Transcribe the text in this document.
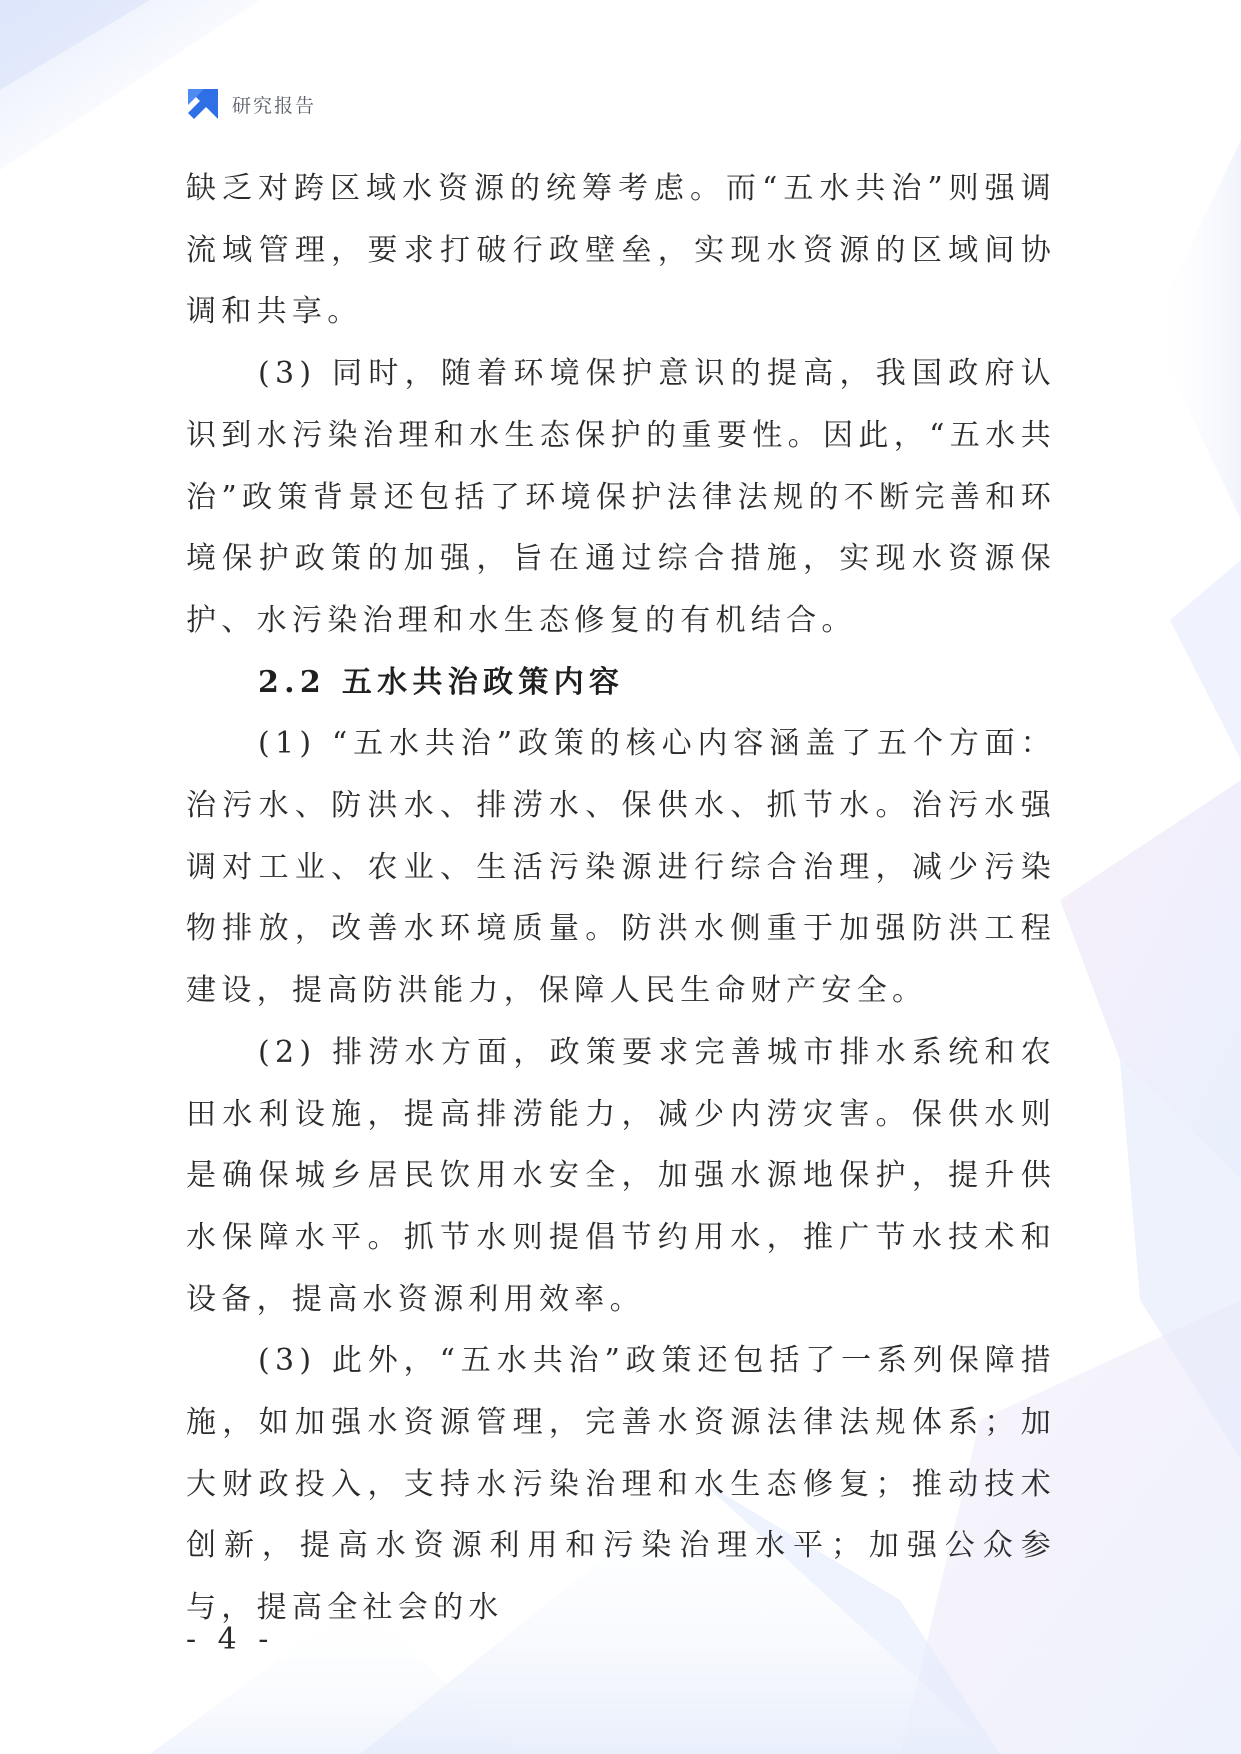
研究报告

缺乏对跨区域水资源的统筹考虑。而“五水共治”则强调流域管理，要求打破行政壁垒，实现水资源的区域间协调和共享。

(3) 同时，随着环境保护意识的提高，我国政府认识到水污染治理和水生态保护的重要性。因此，“五水共治”政策背景还包括了环境保护法律法规的不断完善和环境保护政策的加强，旨在通过综合措施，实现水资源保护、水污染治理和水生态修复的有机结合。

2.2 五水共治政策内容

(1) “五水共治”政策的核心内容涵盖了五个方面：治污水、防洪水、排涝水、保供水、抓节水。治污水强调对工业、农业、生活污染源进行综合治理，减少污染物排放，改善水环境质量。防洪水侧重于加强防洪工程建设，提高防洪能力，保障人民生命财产安全。

(2) 排涝水方面，政策要求完善城市排水系统和农田水利设施，提高排涝能力，减少内涝灾害。保供水则是确保城乡居民饮用水安全，加强水源地保护，提升供水保障水平。抓节水则提倡节约用水，推广节水技术和设备，提高水资源利用效率。

(3) 此外，“五水共治”政策还包括了一系列保障措施，如加强水资源管理，完善水资源法律法规体系；加大财政投入，支持水污染治理和水生态修复；推动技术创新，提高水资源利用和污染治理水平；加强公众参与，提高全社会的水

- 4 -
